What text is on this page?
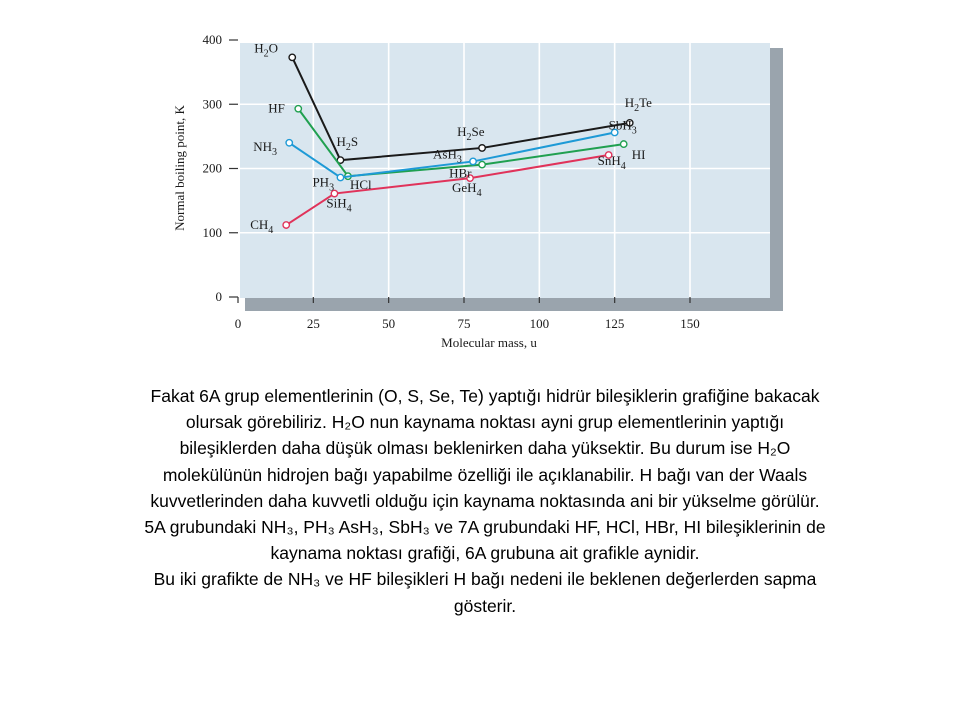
0
100
200
300
400
0	25	50	75	100	125	150
Normal boiling point, K
Molecular mass, u
$H_2O$
$H_2S$
$H_2Se$
$H_2Te$
HF
HCl
HBr
HI
$NH_3$
$PH_3$
AsH$_3$
SbH$_3$
$CH_4$
SiH$_4$
GeH$_4$
SnH$_4$

Fakat 6A grup elementlerinin (O, S, Se, Te) yaptığı hidrür bileşiklerin grafiğine bakacak

olursak görebiliriz. H₂O nun kaynama noktası ayni grup elementlerinin yaptığı

bileşiklerden daha düşük olması beklenirken daha yüksektir. Bu durum ise H₂O

molekülünün hidrojen bağı yapabilme özelliği ile açıklanabilir. H bağı van der Waals

kuvvetlerinden daha kuvvetli olduğu için kaynama noktasında ani bir yükselme görülür.

5A grubundaki NH₃, PH₃ AsH₃, SbH₃ ve 7A grubundaki HF, HCl, HBr, HI bileşiklerinin de

kaynama noktası grafiği, 6A grubuna ait grafikle aynidir.

Bu iki grafikte de NH₃ ve HF bileşikleri H bağı nedeni ile beklenen değerlerden sapma

gösterir.
